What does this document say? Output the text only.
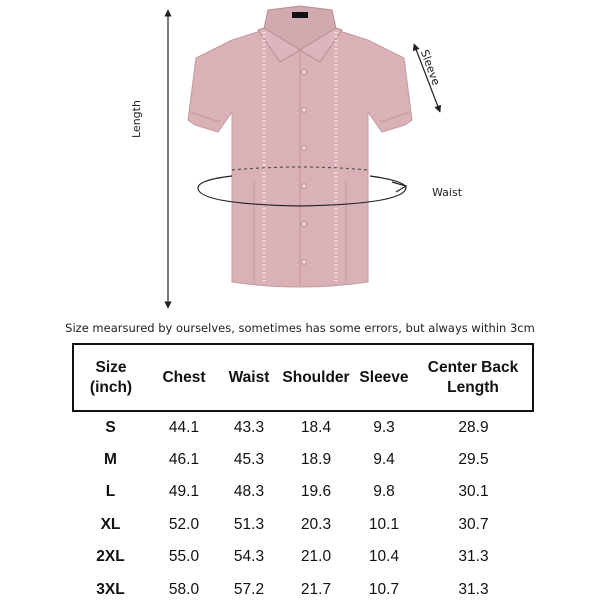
Length
Sleeve
Waist
Size mearsured by ourselves, sometimes has some errors, but always within 3cm
Size
(inch)	Chest	Waist	Shoulder	Sleeve	Center Back
Length
S	44.1	43.3	18.4	9.3	28.9
M	46.1	45.3	18.9	9.4	29.5
L	49.1	48.3	19.6	9.8	30.1
XL	52.0	51.3	20.3	10.1	30.7
2XL	55.0	54.3	21.0	10.4	31.3
3XL	58.0	57.2	21.7	10.7	31.3
